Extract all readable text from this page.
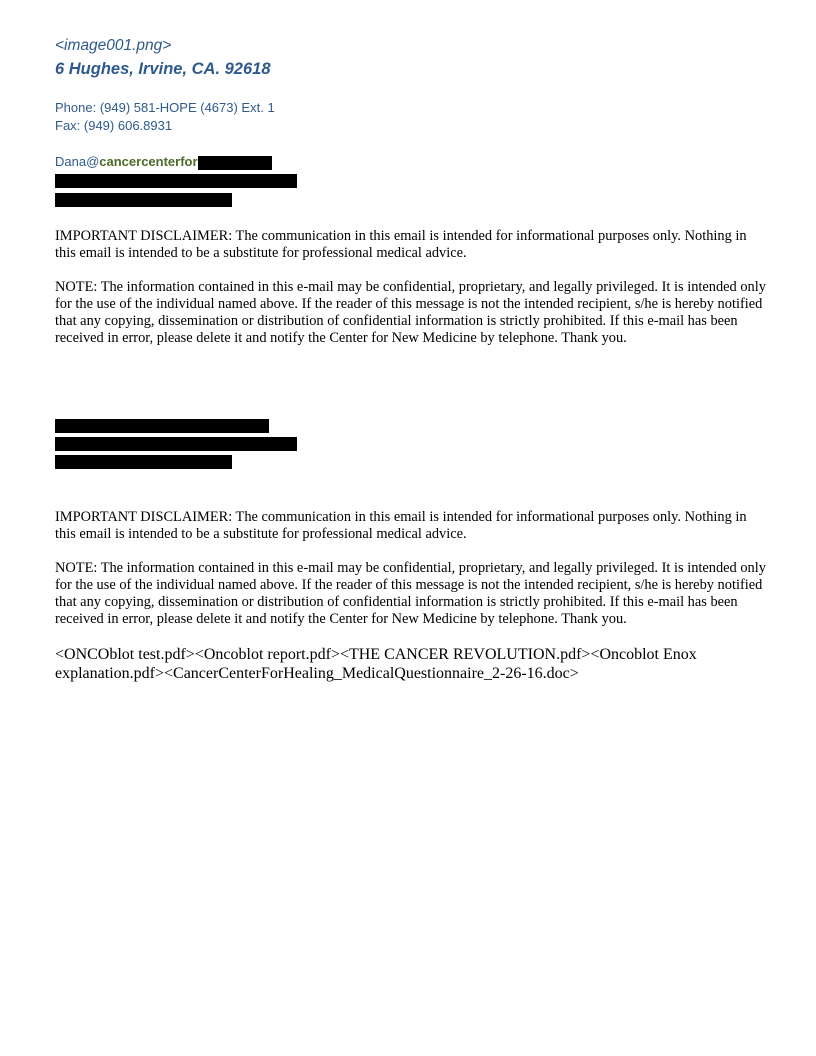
<image001.png>
6 Hughes, Irvine, CA. 92618
Phone: (949) 581-HOPE (4673) Ext. 1
Fax: (949) 606.8931
Dana@cancercenterfor

IMPORTANT DISCLAIMER: The communication in this email is intended for informational purposes only. Nothing in this email is intended to be a substitute for professional medical advice.

NOTE: The information contained in this e-mail may be confidential, proprietary, and legally privileged. It is intended only for the use of the individual named above. If the reader of this message is not the intended recipient, s/he is hereby notified that any copying, dissemination or distribution of confidential information is strictly prohibited. If this e-mail has been received in error, please delete it and notify the Center for New Medicine by telephone. Thank you.

IMPORTANT DISCLAIMER: The communication in this email is intended for informational purposes only. Nothing in this email is intended to be a substitute for professional medical advice.

NOTE: The information contained in this e-mail may be confidential, proprietary, and legally privileged. It is intended only for the use of the individual named above. If the reader of this message is not the intended recipient, s/he is hereby notified that any copying, dissemination or distribution of confidential information is strictly prohibited. If this e-mail has been received in error, please delete it and notify the Center for New Medicine by telephone. Thank you.

<ONCOblot test.pdf><Oncoblot report.pdf><THE CANCER REVOLUTION.pdf><Oncoblot Enox explanation.pdf><CancerCenterForHealing_MedicalQuestionnaire_2-26-16.doc>
